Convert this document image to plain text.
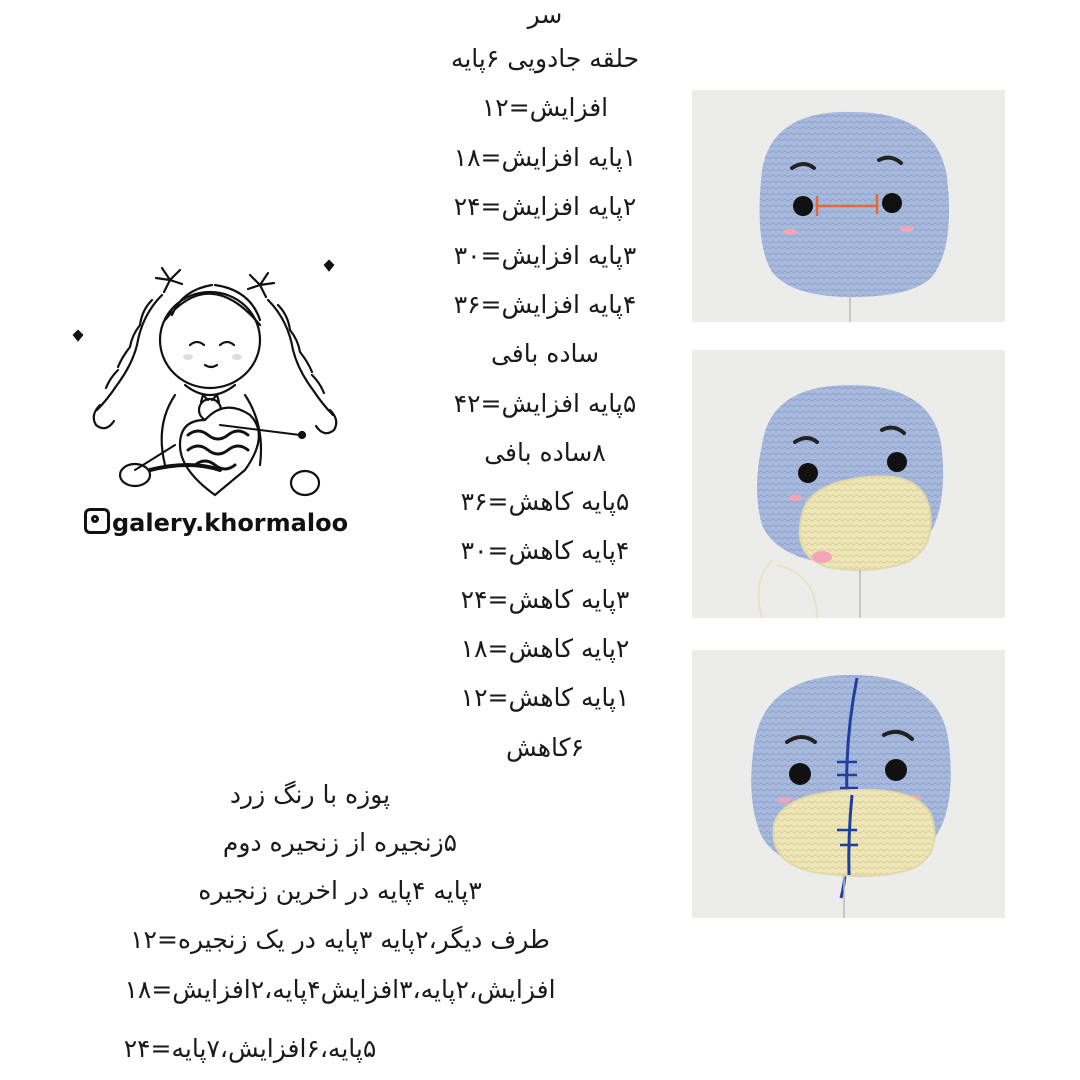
سر
حلقه جادویی ۶پایه
افزایش=۱۲
۱پایه افزایش=۱۸
۲پایه افزایش=۲۴
۳پایه افزایش=۳۰
۴پایه افزایش=۳۶
ساده بافی
۵پایه افزایش=۴۲
۸ساده بافی
۵پایه کاهش=۳۶
۴پایه کاهش=۳۰
۳پایه کاهش=۲۴
۲پایه کاهش=۱۸
۱پایه کاهش=۱۲
۶کاهش
پوزه با رنگ زرد
۵زنجیره از زنحیره دوم
۳پایه ۴پایه در اخرین زنجیره
طرف دیگر،۲پایه ۳پایه در یک زنجیره=۱۲
افزایش،۲پایه،۳افزایش۴پایه،۲افزایش=۱۸
۵پایه،۶افزایش،۷پایه=۲۴
galery.khormaloo
